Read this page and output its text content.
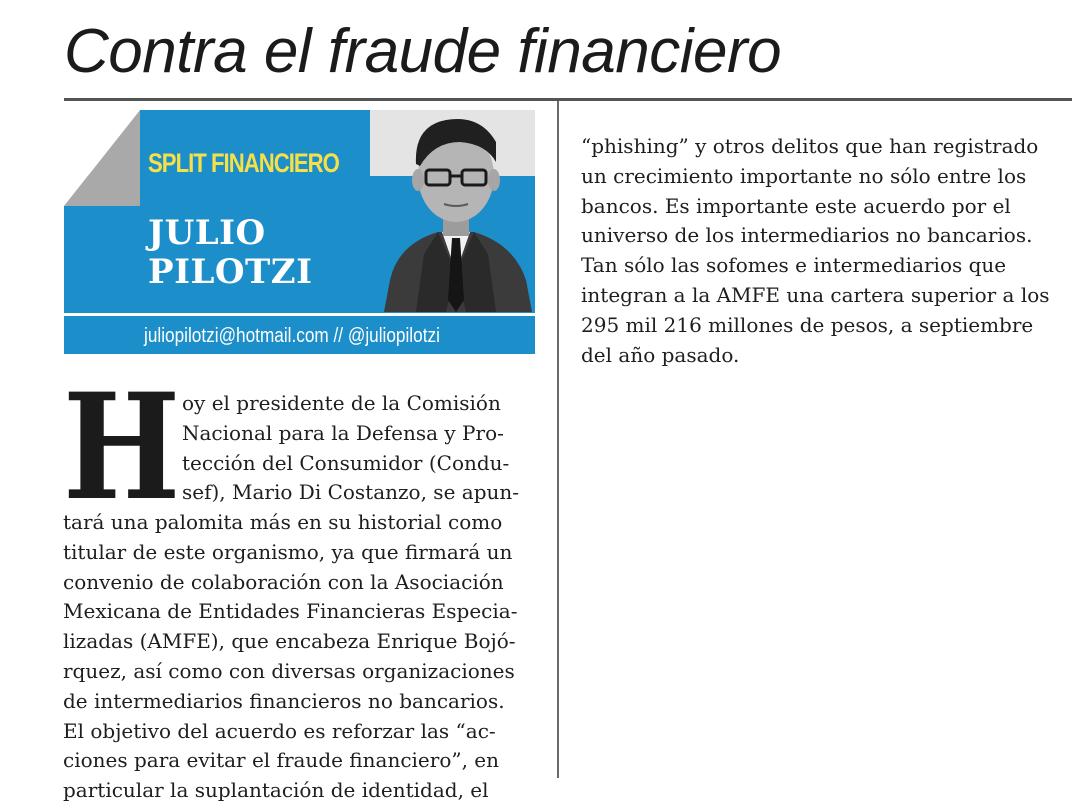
Contra el fraude financiero
SPLIT FINANCIERO
JULIO
PILOTZI
juliopilotzi@hotmail.com // @juliopilotzi
H oy el presidente de la Comisión
Nacional para la Defensa y Pro-
tección del Consumidor (Condu-
sef), Mario Di Costanzo, se apun-

tará una palomita más en su historial como
titular de este organismo, ya que firmará un
convenio de colaboración con la Asociación
Mexicana de Entidades Financieras Especia-
lizadas (AMFE), que encabeza Enrique Bojó-
rquez, así como con diversas organizaciones
de intermediarios financieros no bancarios.
El objetivo del acuerdo es reforzar las “ac-
ciones para evitar el fraude financiero”, en
particular la suplantación de identidad, el

“phishing” y otros delitos que han registrado
un crecimiento importante no sólo entre los
bancos. Es importante este acuerdo por el
universo de los intermediarios no bancarios.
Tan sólo las sofomes e intermediarios que
integran a la AMFE una cartera superior a los
295 mil 216 millones de pesos, a septiembre
del año pasado.
